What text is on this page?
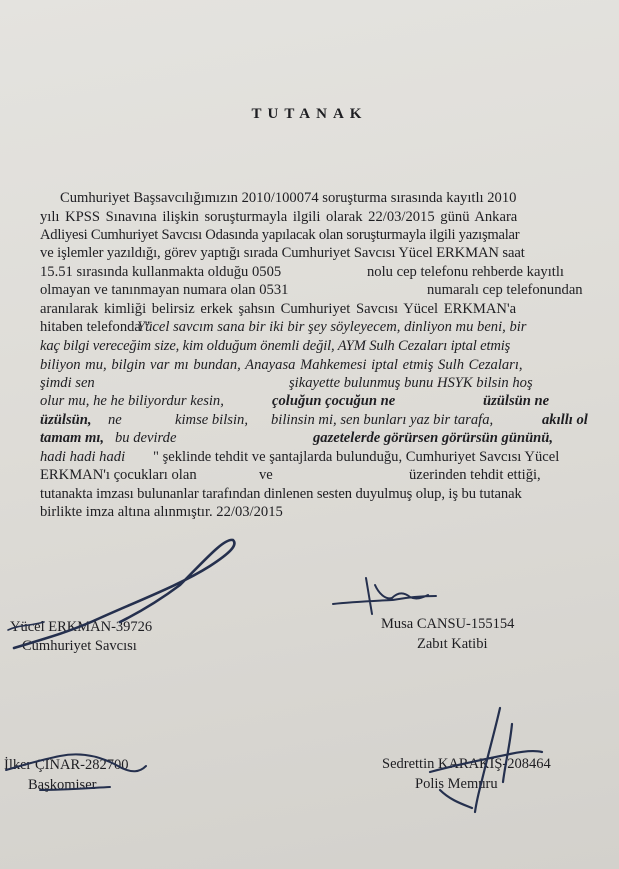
TUTANAK
Cumhuriyet Başsavcılığımızın 2010/100074 soruşturma sırasında kayıtlı 2010
yılı KPSS Sınavına ilişkin soruşturmayla ilgili olarak 22/03/2015 günü Ankara
Adliyesi Cumhuriyet Savcısı Odasında yapılacak olan soruşturmayla ilgili yazışmalar
ve işlemler yazıldığı, görev yaptığı sırada Cumhuriyet Savcısı Yücel ERKMAN saat
15.51 sırasında kullanmakta olduğu 0505	nolu cep telefonu rehberde kayıtlı
olmayan ve tanınmayan numara olan 0531	numaralı cep telefonundan
aranılarak kimliği belirsiz erkek şahsın Cumhuriyet Savcısı Yücel ERKMAN'a
hitaben telefonda "
Yücel savcım sana bir iki bir şey söyleyecem, dinliyon mu beni, bir
kaç bilgi vereceğim size, kim olduğum önemli değil, AYM Sulh Cezaları iptal etmiş
biliyon mu, bilgin var mı bundan, Anayasa Mahkemesi iptal etmiş Sulh Cezaları,
şimdi sen	şikayette bulunmuş bunu HSYK bilsin hoş
olur mu, he he biliyordur kesin,	çoluğun çocuğun ne	üzülsün ne
üzülsün, ne	kimse bilsin, bilinsin mi, sen bunları yaz bir tarafa,	akıllı ol
tamam mı, bu devirde	gazetelerde görürsen görürsün gününü,
hadi hadi hadi " şeklinde tehdit ve şantajlarda bulunduğu, Cumhuriyet Savcısı Yücel
ERKMAN'ı çocukları olan	ve	üzerinden tehdit ettiği,
tutanakta imzası bulunanlar tarafından dinlenen sesten duyulmuş olup, iş bu tutanak
birlikte imza altına alınmıştır. 22/03/2015
Yücel ERKMAN-39726
Cumhuriyet Savcısı
Musa CANSU-155154
Zabıt Katibi
İlker ÇINAR-282700
Başkomiser
Sedrettin KARAKIŞ-208464
Polis Memuru
